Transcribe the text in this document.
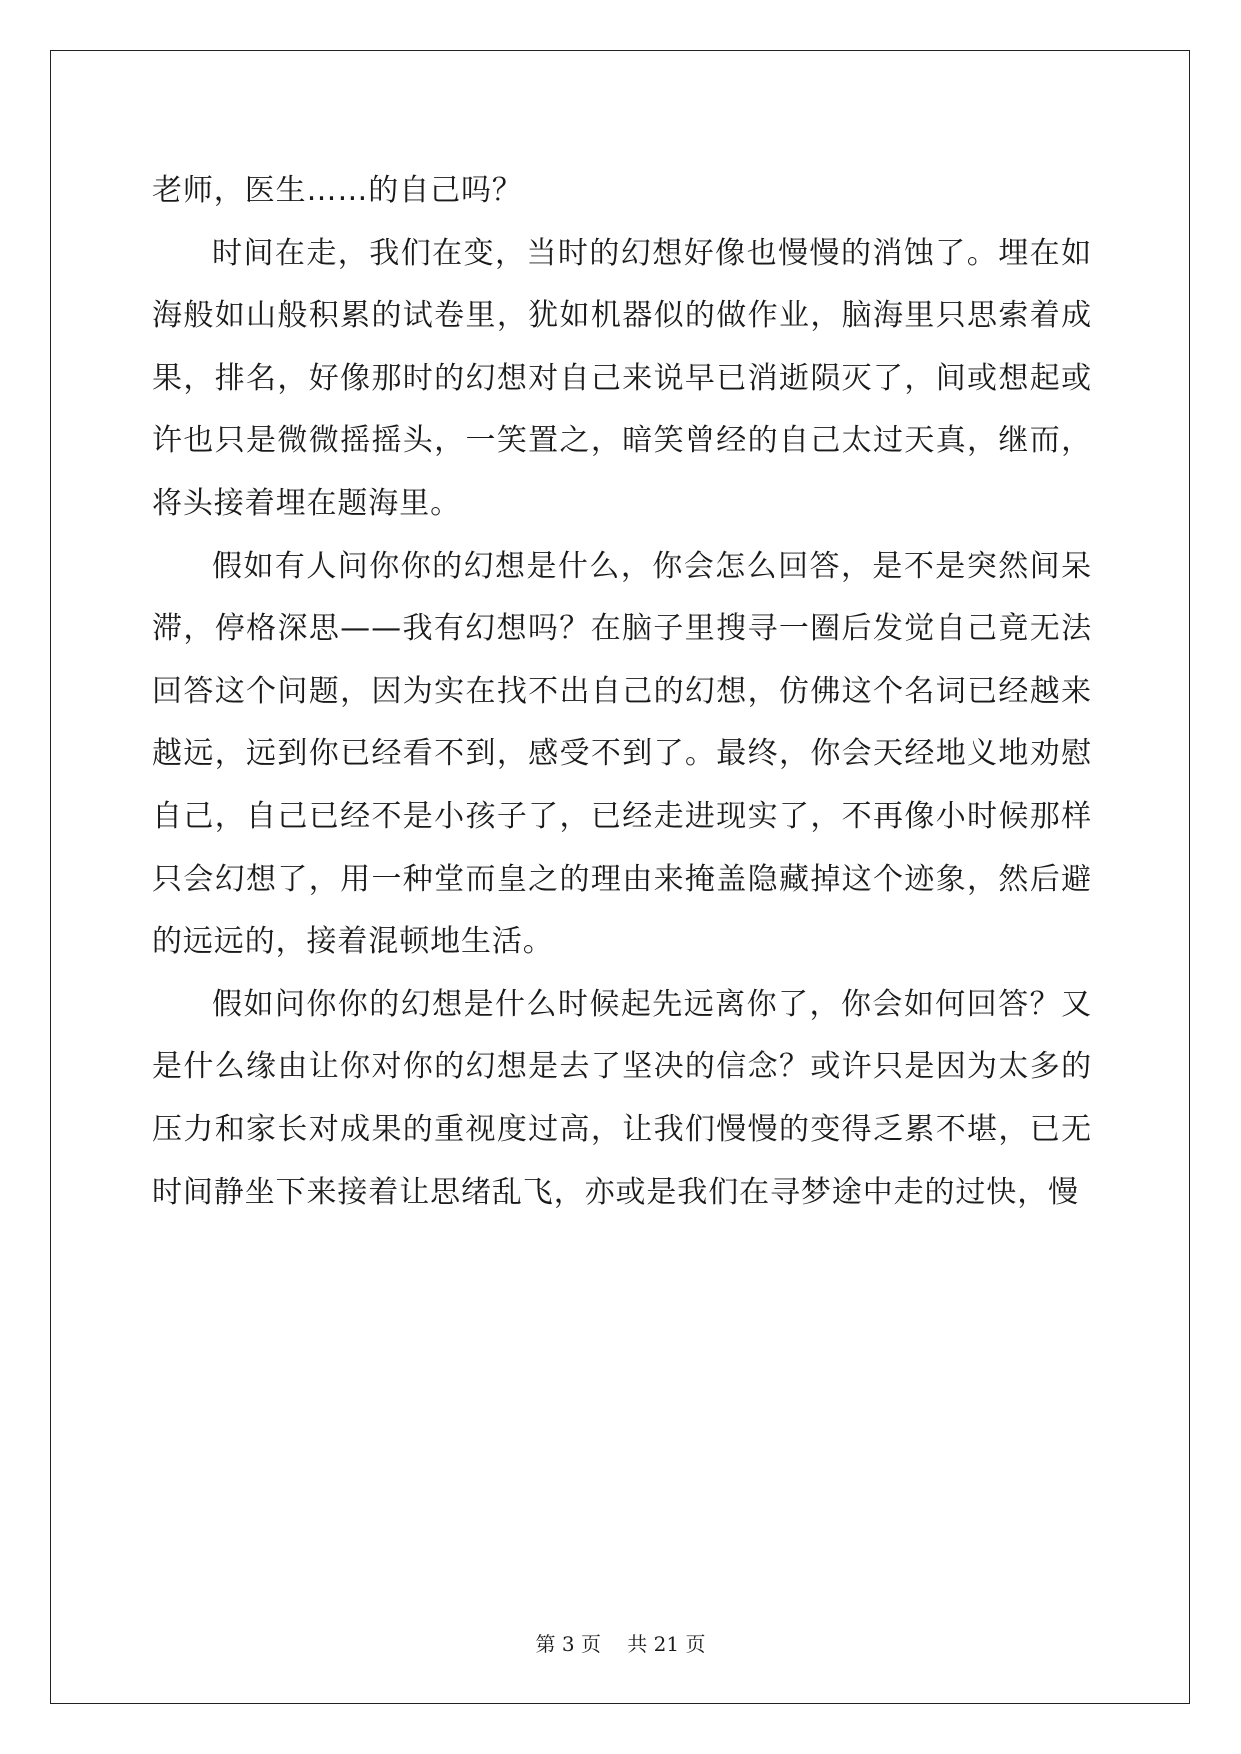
老师，医生……的自己吗？

时间在走，我们在变，当时的幻想好像也慢慢的消蚀了。埋在如海般如山般积累的试卷里，犹如机器似的做作业，脑海里只思索着成果，排名，好像那时的幻想对自己来说早已消逝陨灭了，间或想起或许也只是微微摇摇头，一笑置之，暗笑曾经的自己太过天真，继而，将头接着埋在题海里。

假如有人问你你的幻想是什么，你会怎么回答，是不是突然间呆滞，停格深思——我有幻想吗？在脑子里搜寻一圈后发觉自己竟无法回答这个问题，因为实在找不出自己的幻想，仿佛这个名词已经越来越远，远到你已经看不到，感受不到了。最终，你会天经地义地劝慰自己，自己已经不是小孩子了，已经走进现实了，不再像小时候那样只会幻想了，用一种堂而皇之的理由来掩盖隐藏掉这个迹象，然后避的远远的，接着混顿地生活。

假如问你你的幻想是什么时候起先远离你了，你会如何回答？又是什么缘由让你对你的幻想是去了坚决的信念？或许只是因为太多的压力和家长对成果的重视度过高，让我们慢慢的变得乏累不堪，已无时间静坐下来接着让思绪乱飞，亦或是我们在寻梦途中走的过快，慢

第 3 页　 共 21 页
